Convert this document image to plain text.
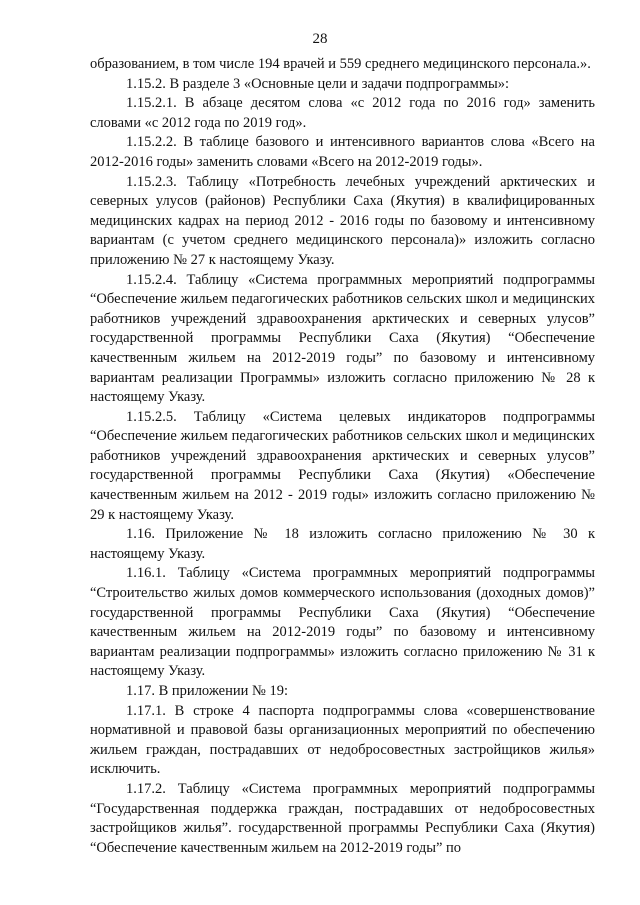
28

образованием, в том числе 194 врачей и 559 среднего медицинского персонала.».

1.15.2. В разделе 3 «Основные цели и задачи подпрограммы»:

1.15.2.1. В абзаце десятом слова «с 2012 года по 2016 год» заменить словами «с 2012 года по 2019 год».

1.15.2.2. В таблице базового и интенсивного вариантов слова «Всего на 2012-2016 годы» заменить словами «Всего на 2012-2019 годы».

1.15.2.3. Таблицу «Потребность лечебных учреждений арктических и северных улусов (районов) Республики Саха (Якутия) в квалифицированных медицинских кадрах на период 2012 - 2016 годы по базовому и интенсивному вариантам (с учетом среднего медицинского персонала)» изложить согласно приложению № 27 к настоящему Указу.

1.15.2.4. Таблицу «Система программных мероприятий подпрограммы “Обеспечение жильем педагогических работников сельских школ и медицинских работников учреждений здравоохранения арктических и северных улусов” государственной программы Республики Саха (Якутия) “Обеспечение качественным жильем на 2012-2019 годы” по базовому и интенсивному вариантам реализации Программы» изложить согласно приложению № 28 к настоящему Указу.

1.15.2.5. Таблицу «Система целевых индикаторов подпрограммы “Обеспечение жильем педагогических работников сельских школ и медицинских работников учреждений здравоохранения арктических и северных улусов” государственной программы Республики Саха (Якутия) «Обеспечение качественным жильем на 2012 - 2019 годы» изложить согласно приложению № 29 к настоящему Указу.

1.16. Приложение № 18 изложить согласно приложению № 30 к настоящему Указу.

1.16.1. Таблицу «Система программных мероприятий подпрограммы “Строительство жилых домов коммерческого использования (доходных домов)” государственной программы Республики Саха (Якутия) “Обеспечение качественным жильем на 2012-2019 годы” по базовому и интенсивному вариантам реализации подпрограммы» изложить согласно приложению № 31 к настоящему Указу.

1.17. В приложении № 19:

1.17.1. В строке 4 паспорта подпрограммы слова «совершенствование нормативной и правовой базы организационных мероприятий по обеспечению жильем граждан, пострадавших от недобросовестных застройщиков жилья» исключить.

1.17.2. Таблицу «Система программных мероприятий подпрограммы “Государственная поддержка граждан, пострадавших от недобросовестных застройщиков жилья”. государственной программы Республики Саха (Якутия) “Обеспечение качественным жильем на 2012-2019 годы” по
